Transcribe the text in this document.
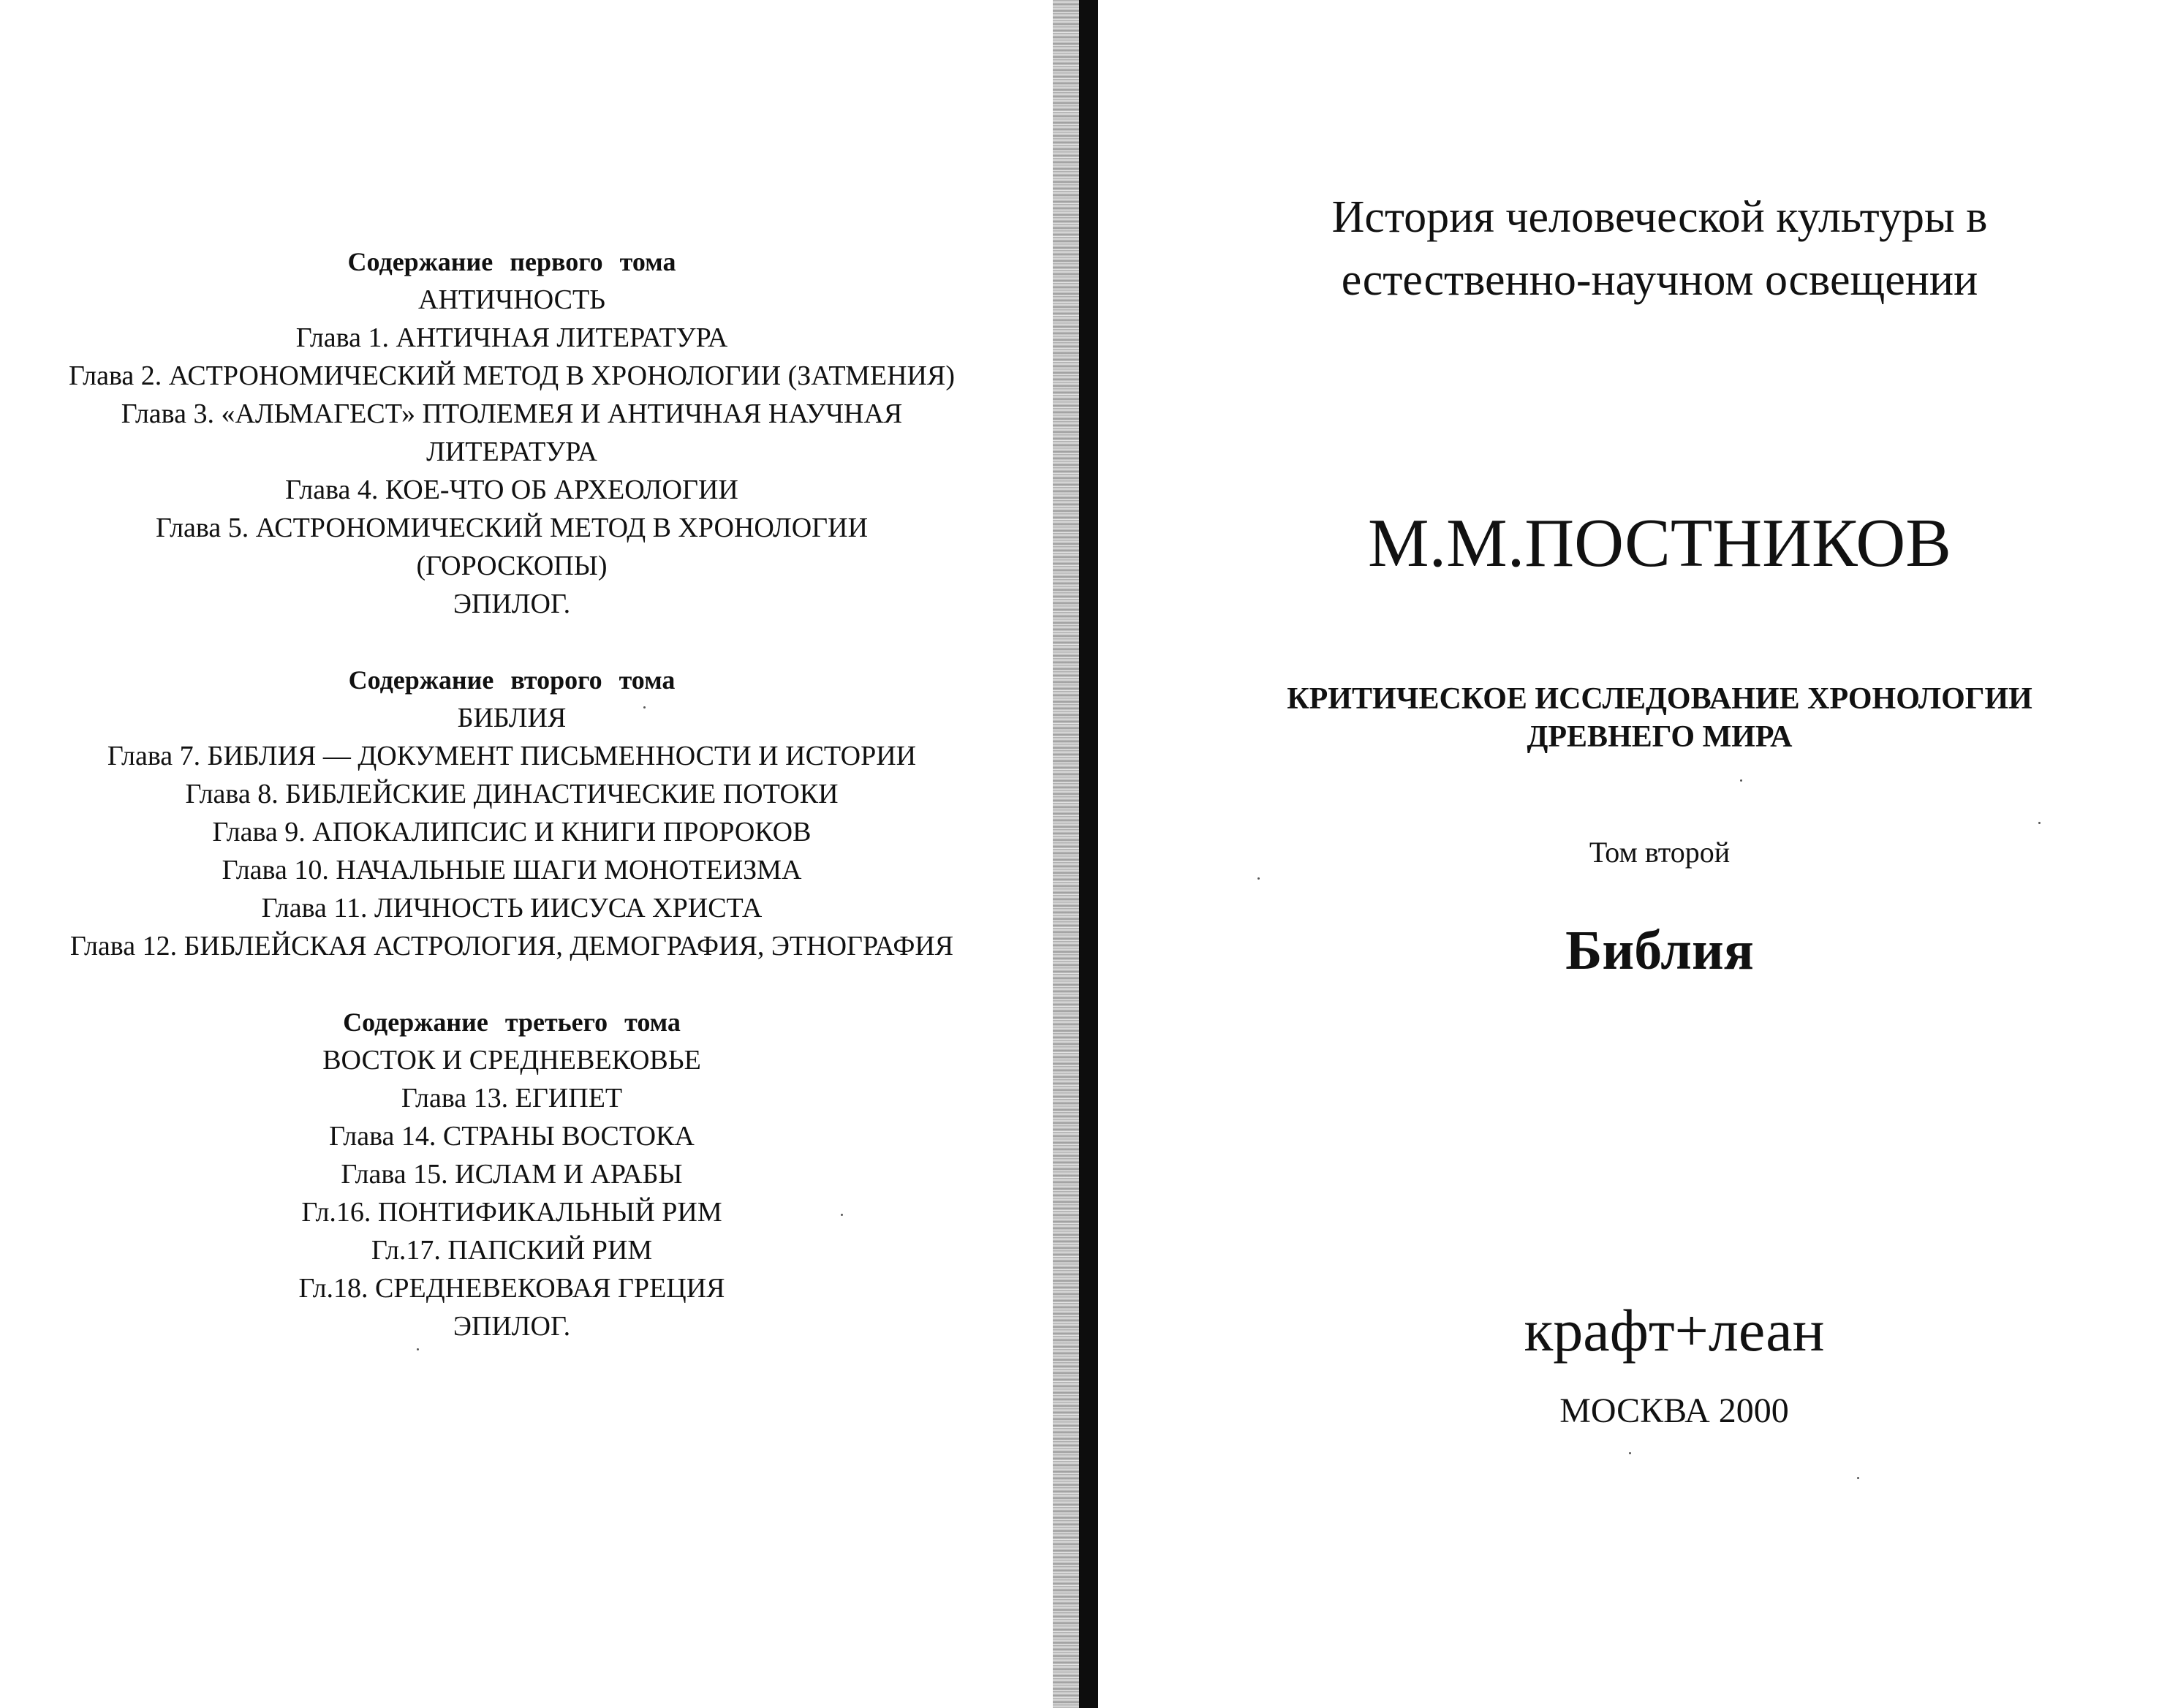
Содержание первого тома
АНТИЧНОСТЬ
Глава 1. АНТИЧНАЯ ЛИТЕРАТУРА
Глава 2. АСТРОНОМИЧЕСКИЙ МЕТОД В ХРОНОЛОГИИ (ЗАТМЕНИЯ)
Глава 3. «АЛЬМАГЕСТ» ПТОЛЕМЕЯ И АНТИЧНАЯ НАУЧНАЯ
ЛИТЕРАТУРА
Глава 4. КОЕ-ЧТО ОБ АРХЕОЛОГИИ
Глава 5. АСТРОНОМИЧЕСКИЙ МЕТОД В ХРОНОЛОГИИ
(ГОРОСКОПЫ)
ЭПИЛОГ.
Содержание второго тома
БИБЛИЯ
Глава 7. БИБЛИЯ — ДОКУМЕНТ ПИСЬМЕННОСТИ И ИСТОРИИ
Глава 8. БИБЛЕЙСКИЕ ДИНАСТИЧЕСКИЕ ПОТОКИ
Глава 9. АПОКАЛИПСИС И КНИГИ ПРОРОКОВ
Глава 10. НАЧАЛЬНЫЕ ШАГИ МОНОТЕИЗМА
Глава 11. ЛИЧНОСТЬ ИИСУСА ХРИСТА
Глава 12. БИБЛЕЙСКАЯ АСТРОЛОГИЯ, ДЕМОГРАФИЯ, ЭТНОГРАФИЯ
Содержание третьего тома
ВОСТОК И СРЕДНЕВЕКОВЬЕ
Глава 13. ЕГИПЕТ
Глава 14. СТРАНЫ ВОСТОКА
Глава 15. ИСЛАМ И АРАБЫ
Гл.16. ПОНТИФИКАЛЬНЫЙ РИМ
Гл.17. ПАПСКИЙ РИМ
Гл.18. СРЕДНЕВЕКОВАЯ ГРЕЦИЯ
ЭПИЛОГ.
История человеческой культуры в
естественно-научном освещении
М.М.ПОСТНИКОВ
КРИТИЧЕСКОЕ ИССЛЕДОВАНИЕ ХРОНОЛОГИИ
ДРЕВНЕГО МИРА
Том второй
Библия
крафт+леан
МОСКВА 2000
